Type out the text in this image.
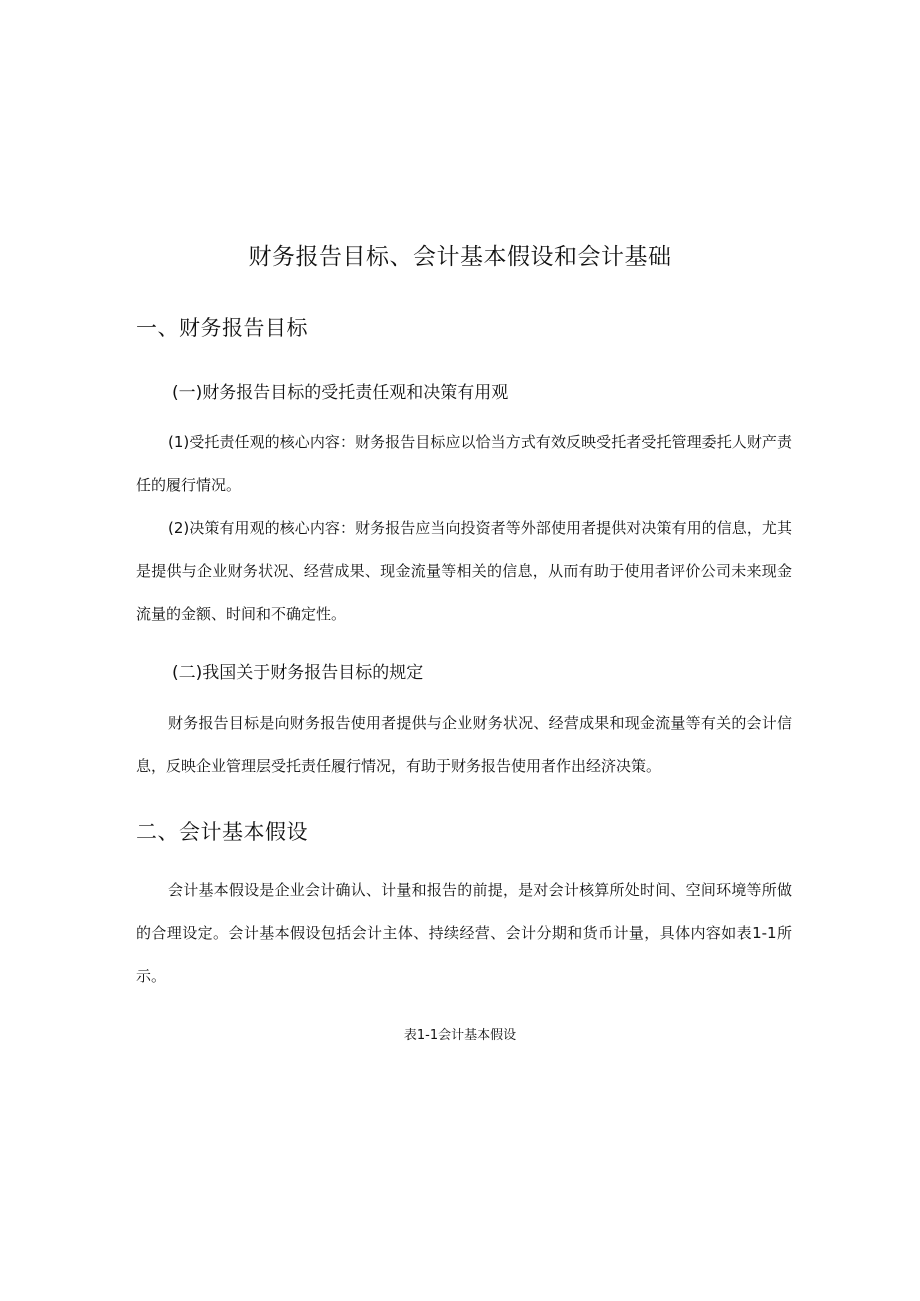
财务报告目标、会计基本假设和会计基础
一、财务报告目标
(一)财务报告目标的受托责任观和决策有用观
(1)受托责任观的核心内容：财务报告目标应以恰当方式有效反映受托者受托管理委托人财产责任的履行情况。
(2)决策有用观的核心内容：财务报告应当向投资者等外部使用者提供对决策有用的信息，尤其是提供与企业财务状况、经营成果、现金流量等相关的信息，从而有助于使用者评价公司未来现金流量的金额、时间和不确定性。
(二)我国关于财务报告目标的规定
财务报告目标是向财务报告使用者提供与企业财务状况、经营成果和现金流量等有关的会计信息，反映企业管理层受托责任履行情况，有助于财务报告使用者作出经济决策。
二、会计基本假设
会计基本假设是企业会计确认、计量和报告的前提，是对会计核算所处时间、空间环境等所做的合理设定。会计基本假设包括会计主体、持续经营、会计分期和货币计量，具体内容如表1-1所示。
表1-1会计基本假设
